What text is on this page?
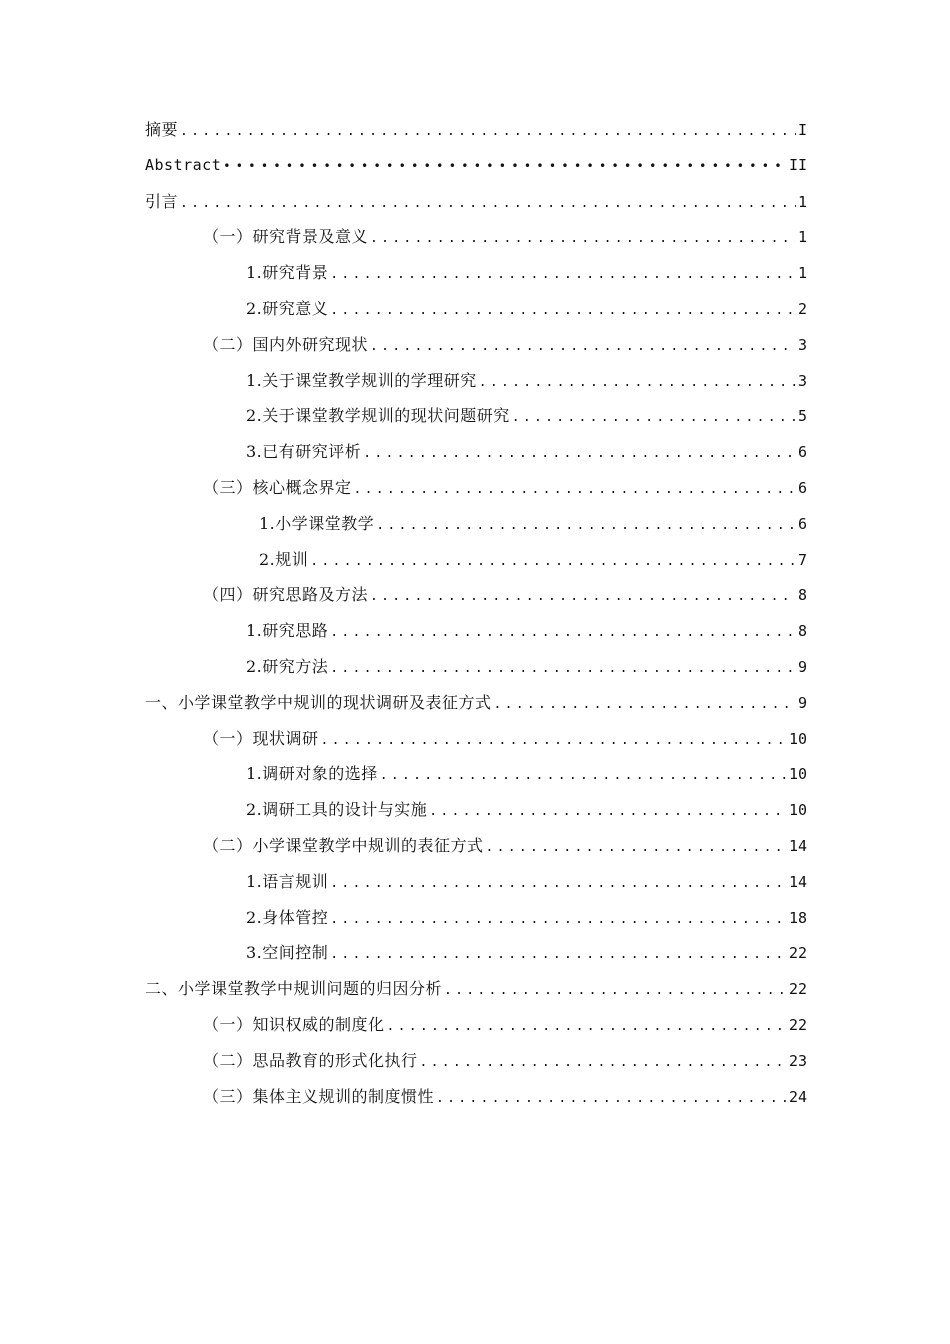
摘要 .....	I
Abstract •••••	II
引言 .....	1
（一）研究背景及意义 .....	1
1.研究背景 .....	1
2.研究意义 .....	2
（二）国内外研究现状 .....	3
1.关于课堂教学规训的学理研究 .....	3
2.关于课堂教学规训的现状问题研究 .....	5
3.已有研究评析 .....	6
（三）核心概念界定 .....	6
1.小学课堂教学 .....	6
2.规训 .....	7
（四）研究思路及方法 .....	8
1.研究思路 .....	8
2.研究方法 .....	9
一、小学课堂教学中规训的现状调研及表征方式 .....	9
（一）现状调研 .....	10
1.调研对象的选择 .....	10
2.调研工具的设计与实施 .....	10
（二）小学课堂教学中规训的表征方式 .....	14
1.语言规训 .....	14
2.身体管控 .....	18
3.空间控制 .....	22
二、小学课堂教学中规训问题的归因分析 .....	22
（一）知识权威的制度化 .....	22
（二）思品教育的形式化执行 .....	23
（三）集体主义规训的制度惯性 .....	24
